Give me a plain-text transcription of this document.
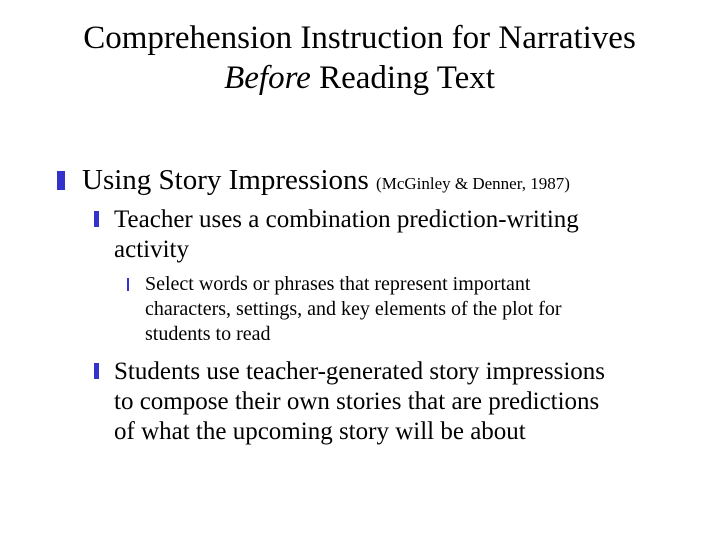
Comprehension Instruction for Narratives
Before Reading Text
Using Story Impressions (McGinley & Denner, 1987)
Teacher uses a combination prediction-writing
activity
Select words or phrases that represent important
characters, settings, and key elements of the plot for
students to read
Students use teacher-generated story impressions
to compose their own stories that are predictions
of what the upcoming story will be about
